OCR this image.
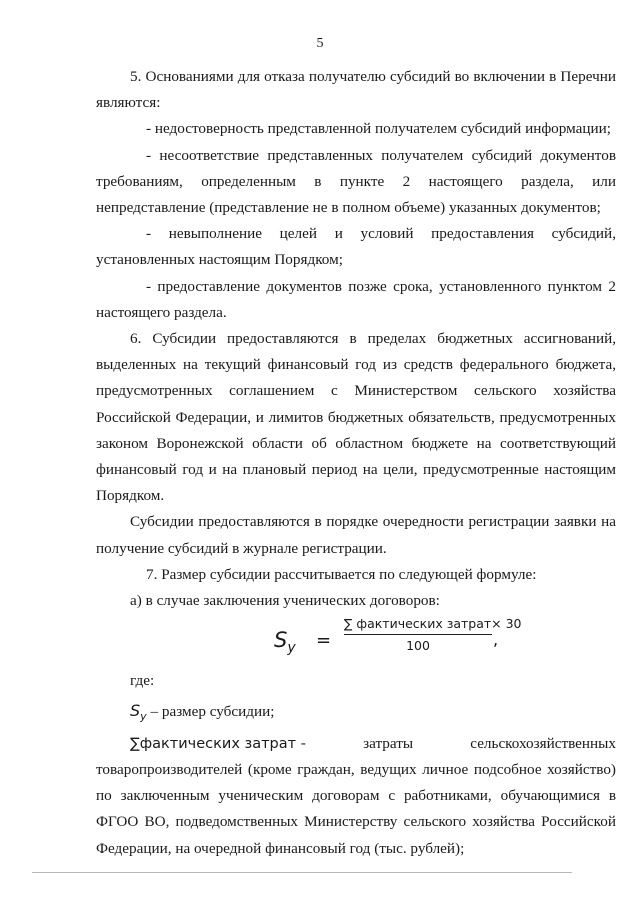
5

5. Основаниями для отказа получателю субсидий во включении в Перечни являются:

- недостоверность представленной получателем субсидий информации;

- несоответствие представленных получателем субсидий документов требованиям, определенным в пункте 2 настоящего раздела, или непредставление (представление не в полном объеме) указанных документов;

- невыполнение целей и условий предоставления субсидий, установленных настоящим Порядком;

- предоставление документов позже срока, установленного пунктом 2 настоящего раздела.

6. Субсидии предоставляются в пределах бюджетных ассигнований, выделенных на текущий финансовый год из средств федерального бюджета, предусмотренных соглашением с Министерством сельского хозяйства Российской Федерации, и лимитов бюджетных обязательств, предусмотренных законом Воронежской области об областном бюджете на соответствующий финансовый год и на плановый период на цели, предусмотренные настоящим Порядком.

Субсидии предоставляются в порядке очередности регистрации заявки на получение субсидий в журнале регистрации.

7. Размер субсидии рассчитывается по следующей формуле:

а) в случае заключения ученических договоров:

$S_y$ =
∑ фактических затрат× 30
100	,

где:

$S_y$ – размер субсидии;

∑фактических затрат -	затраты	сельскохозяйственных

товаропроизводителей (кроме граждан, ведущих личное подсобное хозяйство) по заключенным ученическим договорам с работниками, обучающимися в ФГОО ВО, подведомственных Министерству сельского хозяйства Российской Федерации, на очередной финансовый год (тыс. рублей);
